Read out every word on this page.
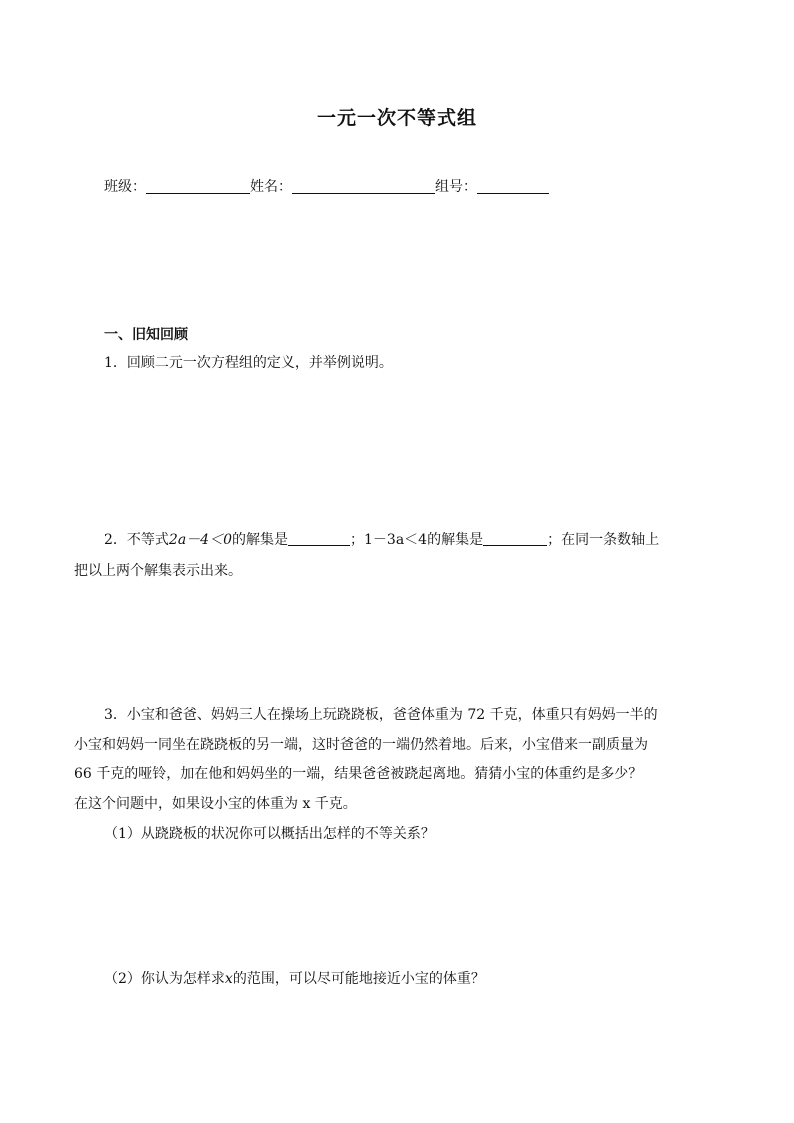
一元一次不等式组
班级：	姓名：	组号：
一、旧知回顾
1．回顾二元一次方程组的定义，并举例说明。
2．不等式2a－4＜0的解集是	；1－3a＜4的解集是	；在同一条数轴上
把以上两个解集表示出来。
3．小宝和爸爸、妈妈三人在操场上玩跷跷板，爸爸体重为 72 千克，体重只有妈妈一半的
小宝和妈妈一同坐在跷跷板的另一端，这时爸爸的一端仍然着地。后来，小宝借来一副质量为
66 千克的哑铃，加在他和妈妈坐的一端，结果爸爸被跷起离地。猜猜小宝的体重约是多少？
在这个问题中，如果设小宝的体重为 x 千克。
（1）从跷跷板的状况你可以概括出怎样的不等关系？
（2）你认为怎样求x的范围，可以尽可能地接近小宝的体重？
